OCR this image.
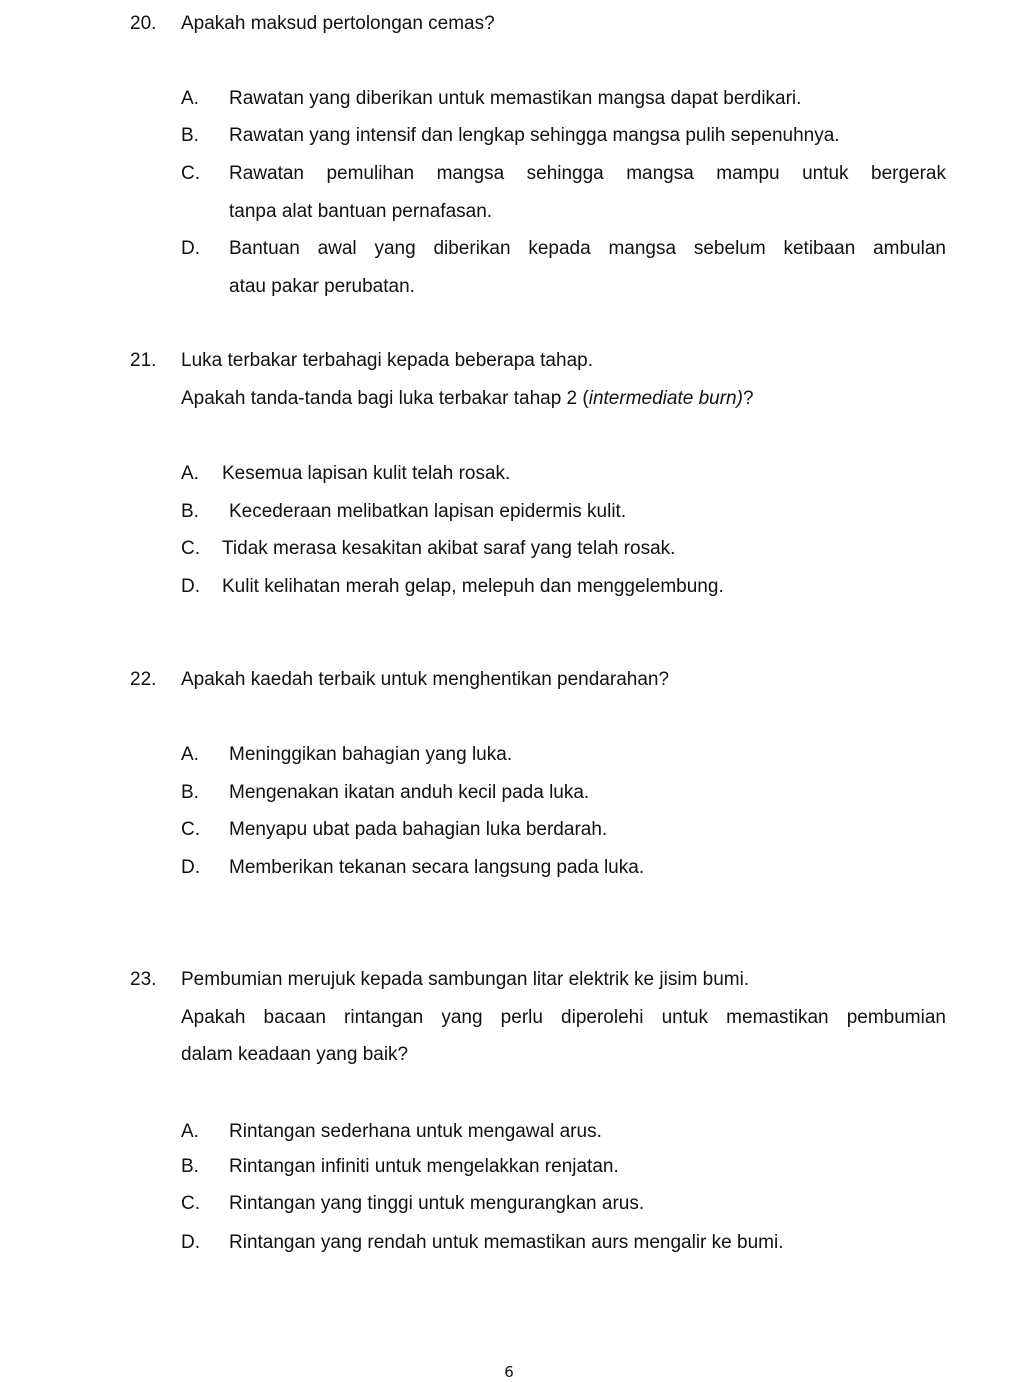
20. Apakah maksud pertolongan cemas?
A. Rawatan yang diberikan untuk memastikan mangsa dapat berdikari.
B. Rawatan yang intensif dan lengkap sehingga mangsa pulih sepenuhnya.
C. Rawatan pemulihan mangsa sehingga mangsa mampu untuk bergerak
tanpa alat bantuan pernafasan.
D. Bantuan awal yang diberikan kepada mangsa sebelum ketibaan ambulan
atau pakar perubatan.
21. Luka terbakar terbahagi kepada beberapa tahap.
Apakah tanda-tanda bagi luka terbakar tahap 2 (intermediate burn)?
A. Kesemua lapisan kulit telah rosak.
B. Kecederaan melibatkan lapisan epidermis kulit.
C. Tidak merasa kesakitan akibat saraf yang telah rosak.
D. Kulit kelihatan merah gelap, melepuh dan menggelembung.
22. Apakah kaedah terbaik untuk menghentikan pendarahan?
A. Meninggikan bahagian yang luka.
B. Mengenakan ikatan anduh kecil pada luka.
C. Menyapu ubat pada bahagian luka berdarah.
D. Memberikan tekanan secara langsung pada luka.
23. Pembumian merujuk kepada sambungan litar elektrik ke jisim bumi.
Apakah bacaan rintangan yang perlu diperolehi untuk memastikan pembumian
dalam keadaan yang baik?
A. Rintangan sederhana untuk mengawal arus.
B. Rintangan infiniti untuk mengelakkan renjatan.
C. Rintangan yang tinggi untuk mengurangkan arus.
D. Rintangan yang rendah untuk memastikan aurs mengalir ke bumi.
6
